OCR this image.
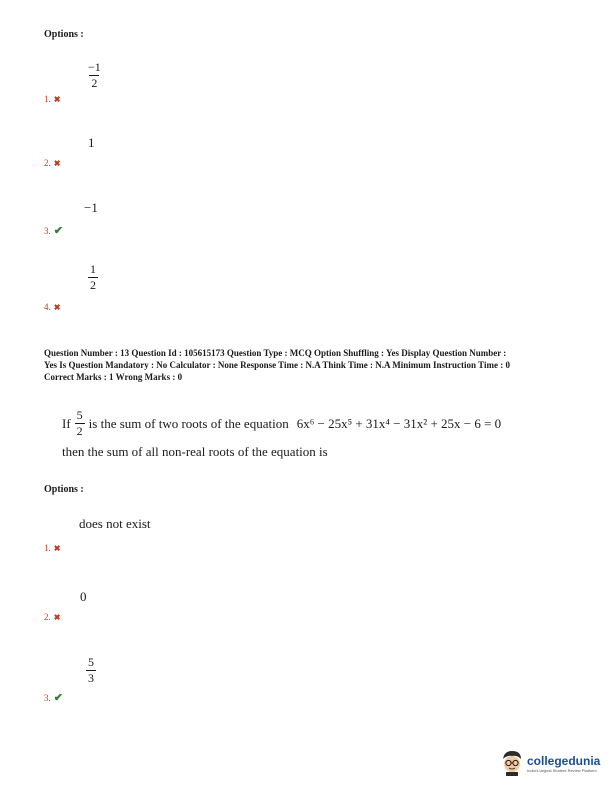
Options :
−1
2
1. ✖
1
2. ✖
−1
3. ✔
1
2
4. ✖
Question Number : 13 Question Id : 105615173 Question Type : MCQ Option Shuffling : Yes Display Question Number :
Yes Is Question Mandatory : No Calculator : None Response Time : N.A Think Time : N.A Minimum Instruction Time : 0
Correct Marks : 1 Wrong Marks : 0
If $\frac{5}{2}$ is the sum of two roots of the equation 6x⁶ − 25x⁵ + 31x⁴ − 31x² + 25x − 6 = 0
then the sum of all non-real roots of the equation is
Options :
does not exist
1. ✖
0
2. ✖
5
3
3. ✔
collegedunia
India's largest Student Review Platform
